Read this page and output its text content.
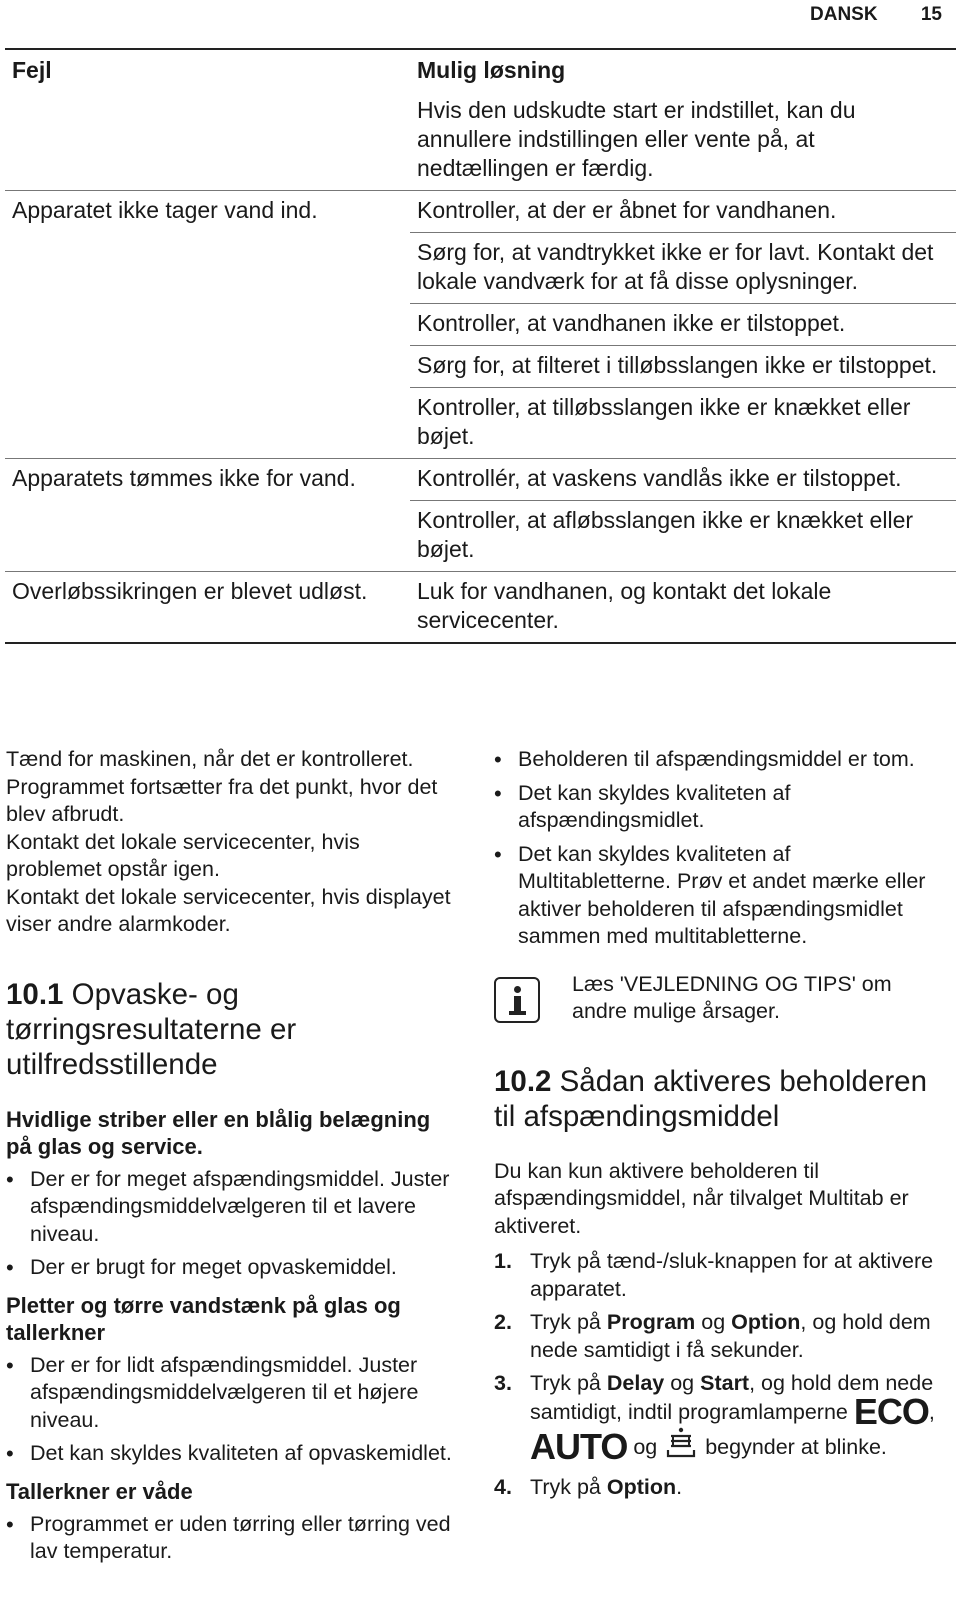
DANSK 15
Fejl	Mulig løsning
	Hvis den udskudte start er indstillet, kan du annullere indstillingen eller vente på, at nedtællingen er færdig.
Apparatet ikke tager vand ind.	Kontroller, at der er åbnet for vandhanen.
	Sørg for, at vandtrykket ikke er for lavt. Kontakt det lokale vandværk for at få disse oplysninger.
	Kontroller, at vandhanen ikke er tilstoppet.
	Sørg for, at filteret i tilløbsslangen ikke er tilstoppet.
	Kontroller, at tilløbsslangen ikke er knækket eller bøjet.
Apparatets tømmes ikke for vand.	Kontrollér, at vaskens vandlås ikke er tilstoppet.
	Kontroller, at afløbsslangen ikke er knækket eller bøjet.
Overløbssikringen er blevet udløst.	Luk for vandhanen, og kontakt det lokale servicecenter.

Tænd for maskinen, når det er kontrolleret. Programmet fortsætter fra det punkt, hvor det blev afbrudt.

Kontakt det lokale servicecenter, hvis problemet opstår igen.

Kontakt det lokale servicecenter, hvis displayet viser andre alarmkoder.

10.1 Opvaske- og tørringsresultaterne er utilfredsstillende
Hvidlige striber eller en blålig belægning på glas og service.
• Der er for meget afspændingsmiddel. Juster afspændingsmiddelvælgeren til et lavere niveau.
• Der er brugt for meget opvaskemiddel.
Pletter og tørre vandstænk på glas og tallerkner
• Der er for lidt afspændingsmiddel. Juster afspændingsmiddelvælgeren til et højere niveau.
• Det kan skyldes kvaliteten af opvaskemidlet.
Tallerkner er våde
• Programmet er uden tørring eller tørring ved lav temperatur.
• Beholderen til afspændingsmiddel er tom.
• Det kan skyldes kvaliteten af afspændingsmidlet.
• Det kan skyldes kvaliteten af Multitabletterne. Prøv et andet mærke eller aktiver beholderen til afspændingsmidlet sammen med multitabletterne.

Læs 'VEJLEDNING OG TIPS' om andre mulige årsager.

10.2 Sådan aktiveres beholderen til afspændingsmiddel

Du kan kun aktivere beholderen til afspændingsmiddel, når tilvalget Multitab er aktiveret.

1. Tryk på tænd-/sluk-knappen for at aktivere apparatet.
2. Tryk på Program og Option, og hold dem nede samtidigt i få sekunder.
3. Tryk på Delay og Start, og hold dem nede samtidigt, indtil programlamperne ECO, AUTO og  begynder at blinke.
4. Tryk på Option.
